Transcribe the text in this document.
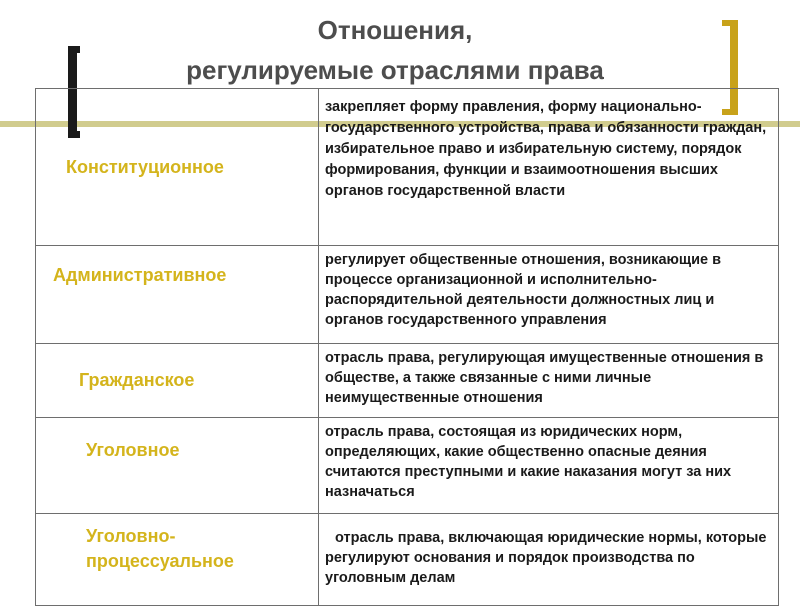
Отношения,
регулируемые отраслями права
Конституционное	закрепляет форму правления, форму национально-государственного устройства, права и обязанности граждан, избирательное право и избирательную систему, порядок формирования, функции и взаимоотношения высших органов государственной власти

Административное	регулирует общественные отношения, возникающие в процессе организационной и исполнительно-распорядительной деятельности должностных лиц и органов государственного управления

Гражданское	отрасль права, регулирующая имущественные отношения в обществе, а также связанные с ними личные неимущественные отношения

Уголовное	отрасль права, состоящая из юридических норм, определяющих, какие общественно опасные деяния считаются преступными и какие наказания могут за них назначаться

Уголовно-процессуальное	отрасль права, включающая юридические нормы, которые регулируют основания и порядок производства по уголовным делам
